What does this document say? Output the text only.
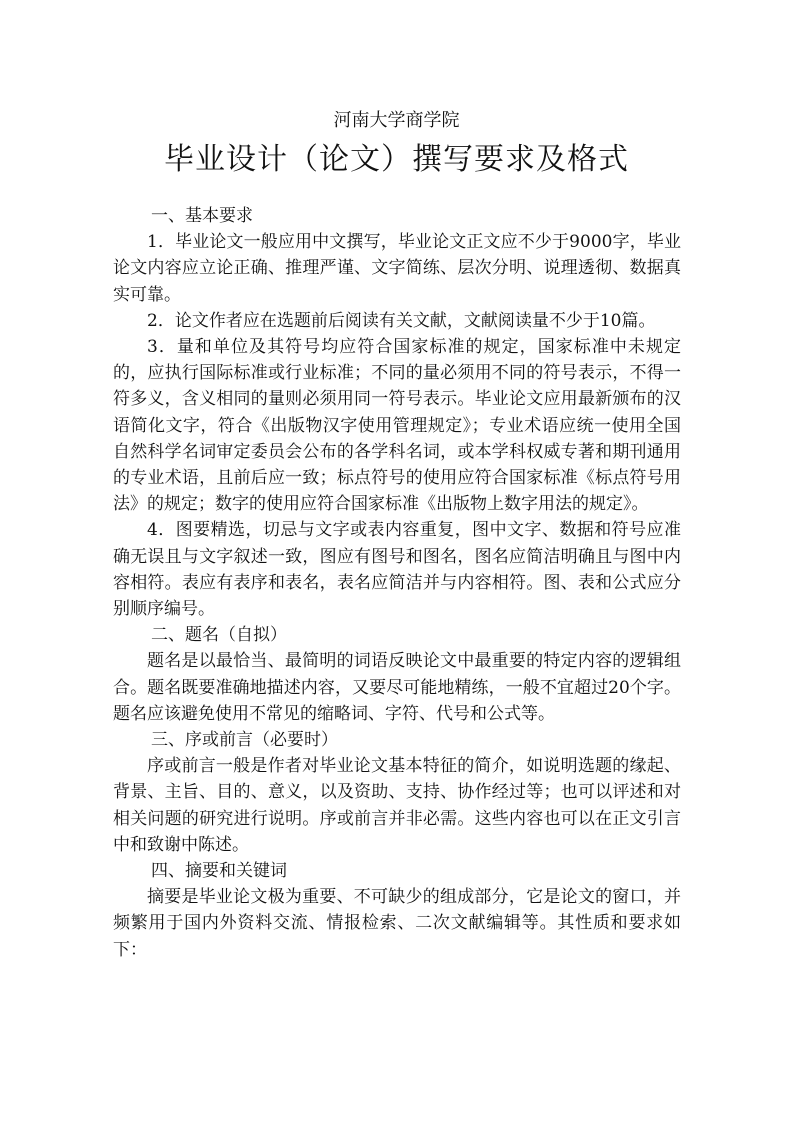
河南大学商学院
毕业设计（论文）撰写要求及格式

一、基本要求

1．毕业论文一般应用中文撰写，毕业论文正文应不少于9000字，毕业论文内容应立论正确、推理严谨、文字简练、层次分明、说理透彻、数据真实可靠。

2．论文作者应在选题前后阅读有关文献，文献阅读量不少于10篇。

3．量和单位及其符号均应符合国家标准的规定，国家标准中未规定的，应执行国际标准或行业标准；不同的量必须用不同的符号表示，不得一符多义，含义相同的量则必须用同一符号表示。毕业论文应用最新颁布的汉语简化文字，符合《出版物汉字使用管理规定》；专业术语应统一使用全国自然科学名词审定委员会公布的各学科名词，或本学科权威专著和期刊通用的专业术语，且前后应一致；标点符号的使用应符合国家标准《标点符号用法》的规定；数字的使用应符合国家标准《出版物上数字用法的规定》。

4．图要精选，切忌与文字或表内容重复，图中文字、数据和符号应准确无误且与文字叙述一致，图应有图号和图名，图名应简洁明确且与图中内容相符。表应有表序和表名，表名应简洁并与内容相符。图、表和公式应分别顺序编号。

二、题名（自拟）

题名是以最恰当、最简明的词语反映论文中最重要的特定内容的逻辑组合。题名既要准确地描述内容，又要尽可能地精练，一般不宜超过20个字。题名应该避免使用不常见的缩略词、字符、代号和公式等。

三、序或前言（必要时）

序或前言一般是作者对毕业论文基本特征的简介，如说明选题的缘起、背景、主旨、目的、意义，以及资助、支持、协作经过等；也可以评述和对相关问题的研究进行说明。序或前言并非必需。这些内容也可以在正文引言中和致谢中陈述。

四、摘要和关键词

摘要是毕业论文极为重要、不可缺少的组成部分，它是论文的窗口，并频繁用于国内外资料交流、情报检索、二次文献编辑等。其性质和要求如下：
